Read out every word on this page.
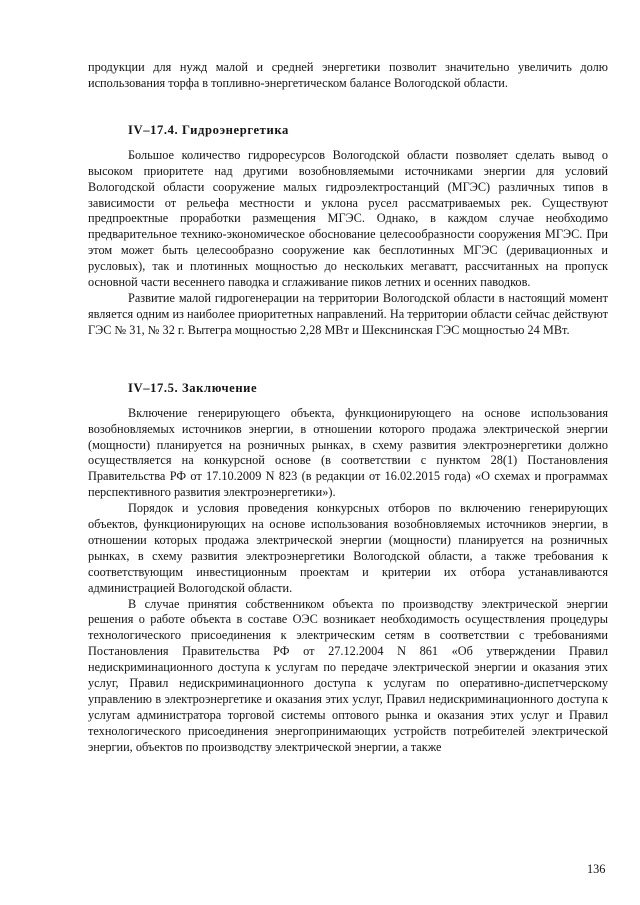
продукции для нужд малой и средней энергетики позволит значительно увеличить долю использования торфа в топливно-энергетическом балансе Вологодской области.

IV–17.4. Гидроэнергетика

Большое количество гидроресурсов Вологодской области позволяет сделать вывод о высоком приоритете над другими возобновляемыми источниками энергии для условий Вологодской области сооружение малых гидроэлектростанций (МГЭС) различных типов в зависимости от рельефа местности и уклона русел рассматриваемых рек. Существуют предпроектные проработки размещения МГЭС. Однако, в каждом случае необходимо предварительное технико-экономическое обоснование целесообразности сооружения МГЭС. При этом может быть целесообразно сооружение как бесплотинных МГЭС (деривационных и русловых), так и плотинных мощностью до нескольких мегаватт, рассчитанных на пропуск основной части весеннего паводка и сглаживание пиков летних и осенних паводков.

Развитие малой гидрогенерации на территории Вологодской области в настоящий момент является одним из наиболее приоритетных направлений. На территории области сейчас действуют ГЭС № 31, № 32 г. Вытегра мощностью 2,28 МВт и Шекснинская ГЭС мощностью 24 МВт.

IV–17.5. Заключение

Включение генерирующего объекта, функционирующего на основе использования возобновляемых источников энергии, в отношении которого продажа электрической энергии (мощности) планируется на розничных рынках, в схему развития электроэнергетики должно осуществляется на конкурсной основе (в соответствии с пунктом 28(1) Постановления Правительства РФ от 17.10.2009 N 823 (в редакции от 16.02.2015 года) «О схемах и программах перспективного развития электроэнергетики»).

Порядок и условия проведения конкурсных отборов по включению генерирующих объектов, функционирующих на основе использования возобновляемых источников энергии, в отношении которых продажа электрической энергии (мощности) планируется на розничных рынках, в схему развития электроэнергетики Вологодской области, а также требования к соответствующим инвестиционным проектам и критерии их отбора устанавливаются администрацией Вологодской области.

В случае принятия собственником объекта по производству электрической энергии решения о работе объекта в составе ОЭС возникает необходимость осуществления процедуры технологического присоединения к электрическим сетям в соответствии с требованиями Постановления Правительства РФ от 27.12.2004 N 861 «Об утверждении Правил недискриминационного доступа к услугам по передаче электрической энергии и оказания этих услуг, Правил недискриминационного доступа к услугам по оперативно-диспетчерскому управлению в электроэнергетике и оказания этих услуг, Правил недискриминационного доступа к услугам администратора торговой системы оптового рынка и оказания этих услуг и Правил технологического присоединения энергопринимающих устройств потребителей электрической энергии, объектов по производству электрической энергии, а также

136
